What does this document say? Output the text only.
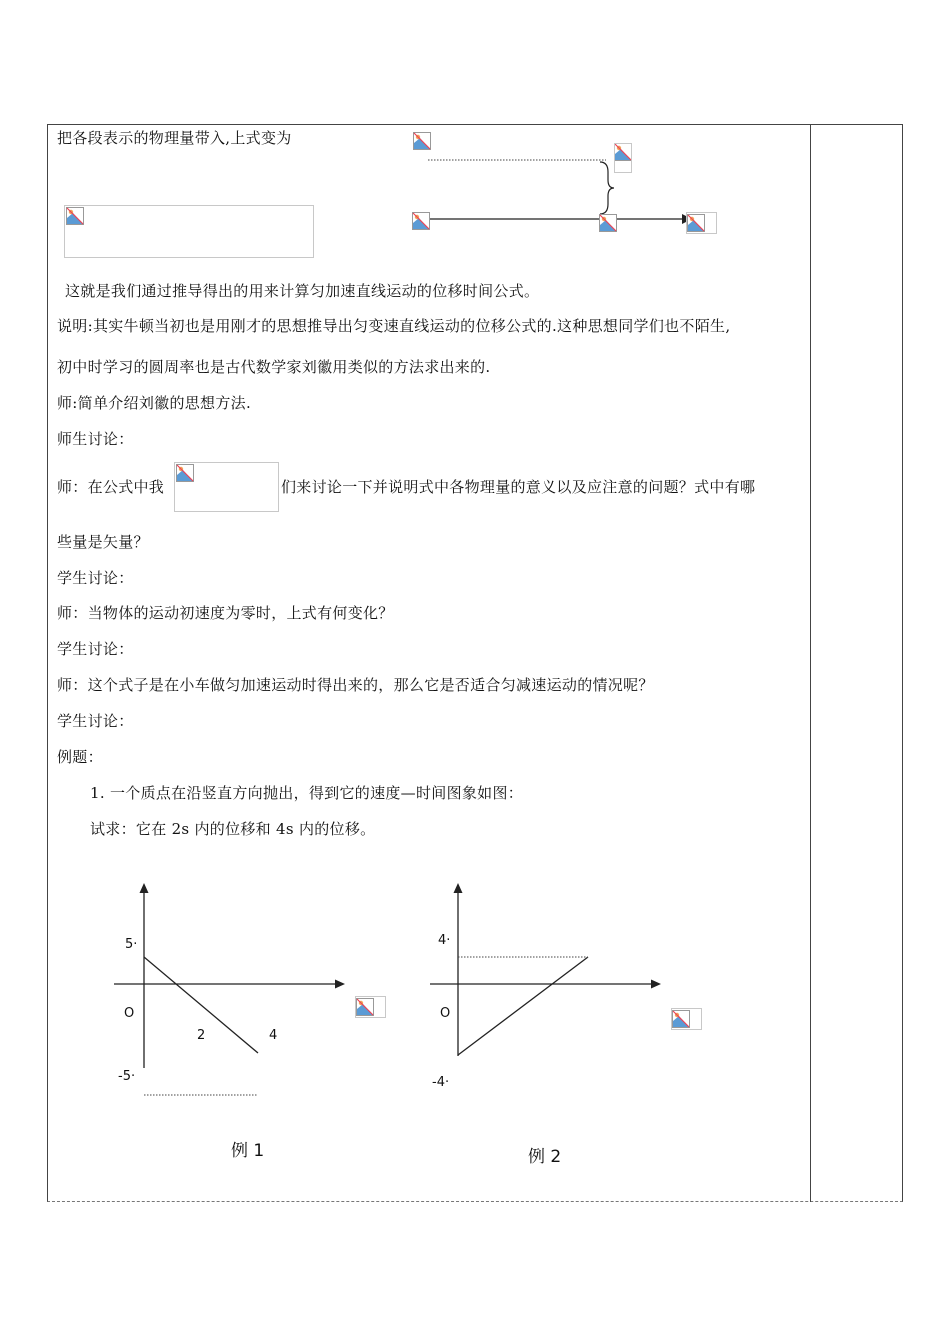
把各段表示的物理量带入,上式变为
这就是我们通过推导得出的用来计算匀加速直线运动的位移时间公式。
说明:其实牛顿当初也是用刚才的思想推导出匀变速直线运动的位移公式的.这种思想同学们也不陌生,
初中时学习的圆周率也是古代数学家刘徽用类似的方法求出来的.
师:简单介绍刘徽的思想方法.
师生讨论：
师：在公式中我	们来讨论一下并说明式中各物理量的意义以及应注意的问题？式中有哪
些量是矢量？
学生讨论：
师：当物体的运动初速度为零时，上式有何变化？
学生讨论：
师：这个式子是在小车做匀加速运动时得出来的，那么它是否适合匀减速运动的情况呢？
学生讨论：
例题：
1. 一个质点在沿竖直方向抛出，得到它的速度—时间图象如图：
试求：它在 2s 内的位移和 4s 内的位移。
5·
O
2	4
-5·
例 1
4·
O
-4·
例 2
